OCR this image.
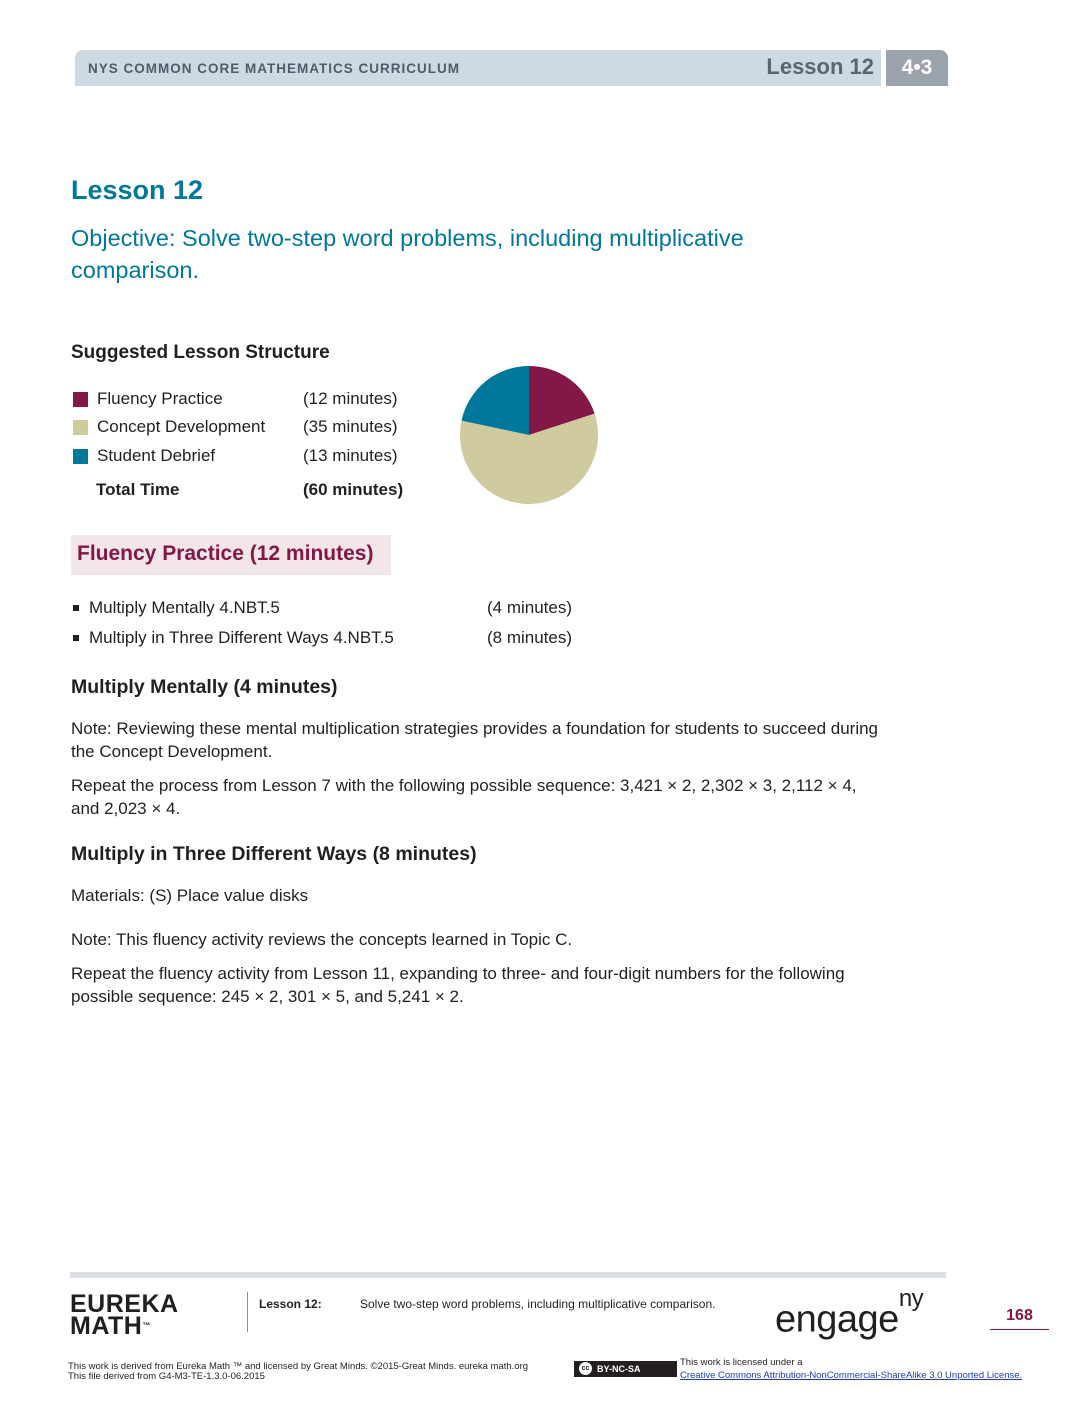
NYS COMMON CORE MATHEMATICS CURRICULUM	Lesson 12	4•3
Lesson 12
Objective: Solve two-step word problems, including multiplicative
comparison.
Suggested Lesson Structure
Fluency Practice	(12 minutes)
Concept Development (35 minutes)
Student Debrief	(13 minutes)
Total Time	(60 minutes)
Fluency Practice (12 minutes)
Multiply Mentally 4.NBT.5	(4 minutes)
Multiply in Three Different Ways 4.NBT.5	(8 minutes)
Multiply Mentally (4 minutes)
Note: Reviewing these mental multiplication strategies provides a foundation for students to succeed during
the Concept Development.
Repeat the process from Lesson 7 with the following possible sequence: 3,421 × 2, 2,302 × 3, 2,112 × 4,
and 2,023 × 4.
Multiply in Three Different Ways (8 minutes)
Materials: (S) Place value disks
Note: This fluency activity reviews the concepts learned in Topic C.
Repeat the fluency activity from Lesson 11, expanding to three- and four-digit numbers for the following
possible sequence: 245 × 2, 301 × 5, and 5,241 × 2.
EUREKA
MATH™
Lesson 12:	Solve two-step word problems, including multiplicative comparison. engage$^{ny}$
168
This work is derived from Eureka Math ™ and licensed by Great Minds. ©2015-Great Minds. eureka math.org
This file derived from G4-M3-TE-1.3.0-06.2015
cc BY-NC-SA
This work is licensed under a
Creative Commons Attribution-NonCommercial-ShareAlike 3.0 Unported License.
